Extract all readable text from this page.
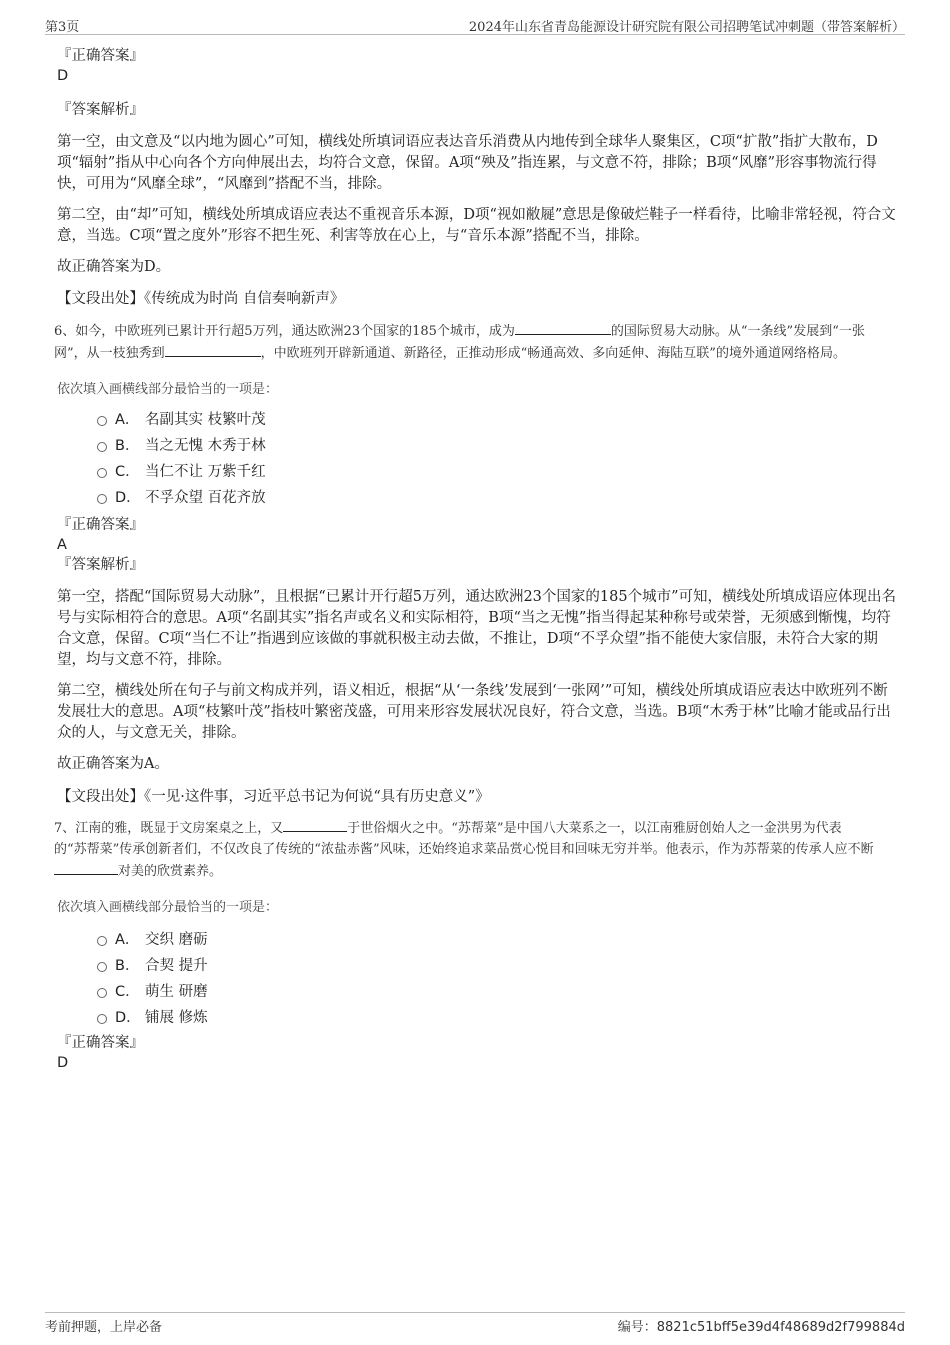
第3页	2024年山东省青岛能源设计研究院有限公司招聘笔试冲刺题（带答案解析）

『正确答案』

D

『答案解析』

第一空，由文意及“以内地为圆心”可知，横线处所填词语应表达音乐消费从内地传到全球华人聚集区，C项“扩散”指扩大散布，D项“辐射”指从中心向各个方向伸展出去，均符合文意，保留。A项“殃及”指连累，与文意不符，排除；B项“风靡”形容事物流行得快，可用为“风靡全球”，“风靡到”搭配不当，排除。

第二空，由“却”可知，横线处所填成语应表达不重视音乐本源，D项“视如敝屣”意思是像破烂鞋子一样看待，比喻非常轻视，符合文意，当选。C项“置之度外”形容不把生死、利害等放在心上，与“音乐本源”搭配不当，排除。

故正确答案为D。

【文段出处】《传统成为时尚 自信奏响新声》

6、如今，中欧班列已累计开行超5万列，通达欧洲23个国家的185个城市，成为	的国际贸易大动脉。从“一条线”发展到“一张
网”，从一枝独秀到	，中欧班列开辟新通道、新路径，正推动形成“畅通高效、多向延伸、海陆互联”的境外通道网络格局。

依次填入画横线部分最恰当的一项是：

A． 名副其实 枝繁叶茂
B． 当之无愧 木秀于林
C． 当仁不让 万紫千红
D． 不孚众望 百花齐放

『正确答案』

A

『答案解析』

第一空，搭配“国际贸易大动脉”，且根据“已累计开行超5万列，通达欧洲23个国家的185个城市”可知，横线处所填成语应体现出名号与实际相符合的意思。A项“名副其实”指名声或名义和实际相符，B项“当之无愧”指当得起某种称号或荣誉，无须感到惭愧，均符合文意，保留。C项“当仁不让”指遇到应该做的事就积极主动去做，不推让，D项“不孚众望”指不能使大家信服，未符合大家的期望，均与文意不符，排除。

第二空，横线处所在句子与前文构成并列，语义相近，根据“从‘一条线’发展到‘一张网’”可知，横线处所填成语应表达中欧班列不断发展壮大的意思。A项“枝繁叶茂”指枝叶繁密茂盛，可用来形容发展状况良好，符合文意，当选。B项“木秀于林”比喻才能或品行出众的人，与文意无关，排除。

故正确答案为A。

【文段出处】《一见·这件事，习近平总书记为何说“具有历史意义”》

7、江南的雅，既显于文房案桌之上，又	于世俗烟火之中。“苏帮菜”是中国八大菜系之一，以江南雅厨创始人之一金洪男为代表
的“苏帮菜”传承创新者们，不仅改良了传统的“浓盐赤酱”风味，还始终追求菜品赏心悦目和回味无穷并举。他表示，作为苏帮菜的传承人应不断
对美的欣赏素养。

依次填入画横线部分最恰当的一项是：

A． 交织 磨砺
B． 合契 提升
C． 萌生 研磨
D． 铺展 修炼

『正确答案』

D

考前押题，上岸必备	编号：8821c51bff5e39d4f48689d2f799884d
